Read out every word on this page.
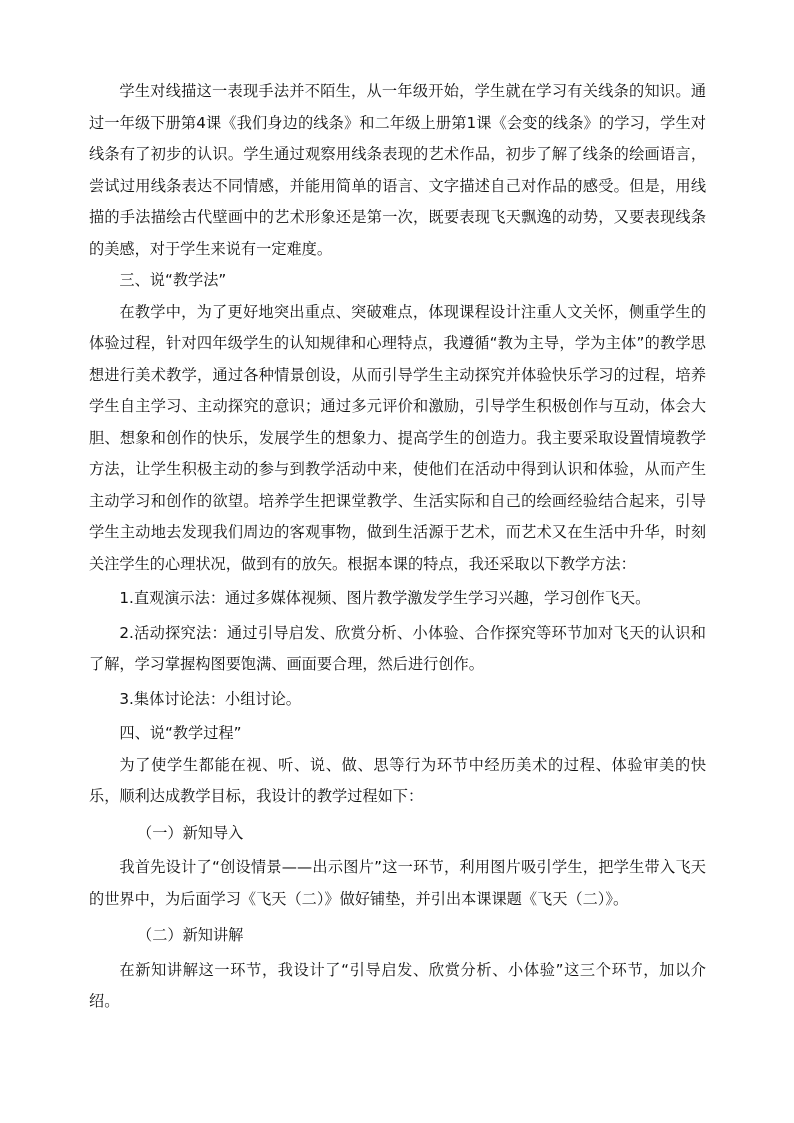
学生对线描这一表现手法并不陌生，从一年级开始，学生就在学习有关线条的知识。通过一年级下册第4课《我们身边的线条》和二年级上册第1课《会变的线条》的学习，学生对线条有了初步的认识。学生通过观察用线条表现的艺术作品，初步了解了线条的绘画语言，尝试过用线条表达不同情感，并能用简单的语言、文字描述自己对作品的感受。但是，用线描的手法描绘古代壁画中的艺术形象还是第一次，既要表现飞天飘逸的动势，又要表现线条的美感，对于学生来说有一定难度。

三、说“教学法”

在教学中，为了更好地突出重点、突破难点，体现课程设计注重人文关怀，侧重学生的体验过程，针对四年级学生的认知规律和心理特点，我遵循“教为主导，学为主体”的教学思想进行美术教学，通过各种情景创设，从而引导学生主动探究并体验快乐学习的过程，培养学生自主学习、主动探究的意识；通过多元评价和激励，引导学生积极创作与互动，体会大胆、想象和创作的快乐，发展学生的想象力、提高学生的创造力。我主要采取设置情境教学方法，让学生积极主动的参与到教学活动中来，使他们在活动中得到认识和体验，从而产生主动学习和创作的欲望。培养学生把课堂教学、生活实际和自己的绘画经验结合起来，引导学生主动地去发现我们周边的客观事物，做到生活源于艺术，而艺术又在生活中升华，时刻关注学生的心理状况，做到有的放矢。根据本课的特点，我还采取以下教学方法：

1.直观演示法：通过多媒体视频、图片教学激发学生学习兴趣，学习创作飞天。

2.活动探究法：通过引导启发、欣赏分析、小体验、合作探究等环节加对飞天的认识和了解，学习掌握构图要饱满、画面要合理，然后进行创作。

3.集体讨论法：小组讨论。

四、说“教学过程”

为了使学生都能在视、听、说、做、思等行为环节中经历美术的过程、体验审美的快乐，顺利达成教学目标，我设计的教学过程如下：

（一）新知导入

我首先设计了“创设情景——出示图片”这一环节，利用图片吸引学生，把学生带入飞天的世界中，为后面学习《飞天（二）》做好铺垫，并引出本课课题《飞天（二）》。

（二）新知讲解

在新知讲解这一环节，我设计了“引导启发、欣赏分析、小体验”这三个环节，加以介绍。
